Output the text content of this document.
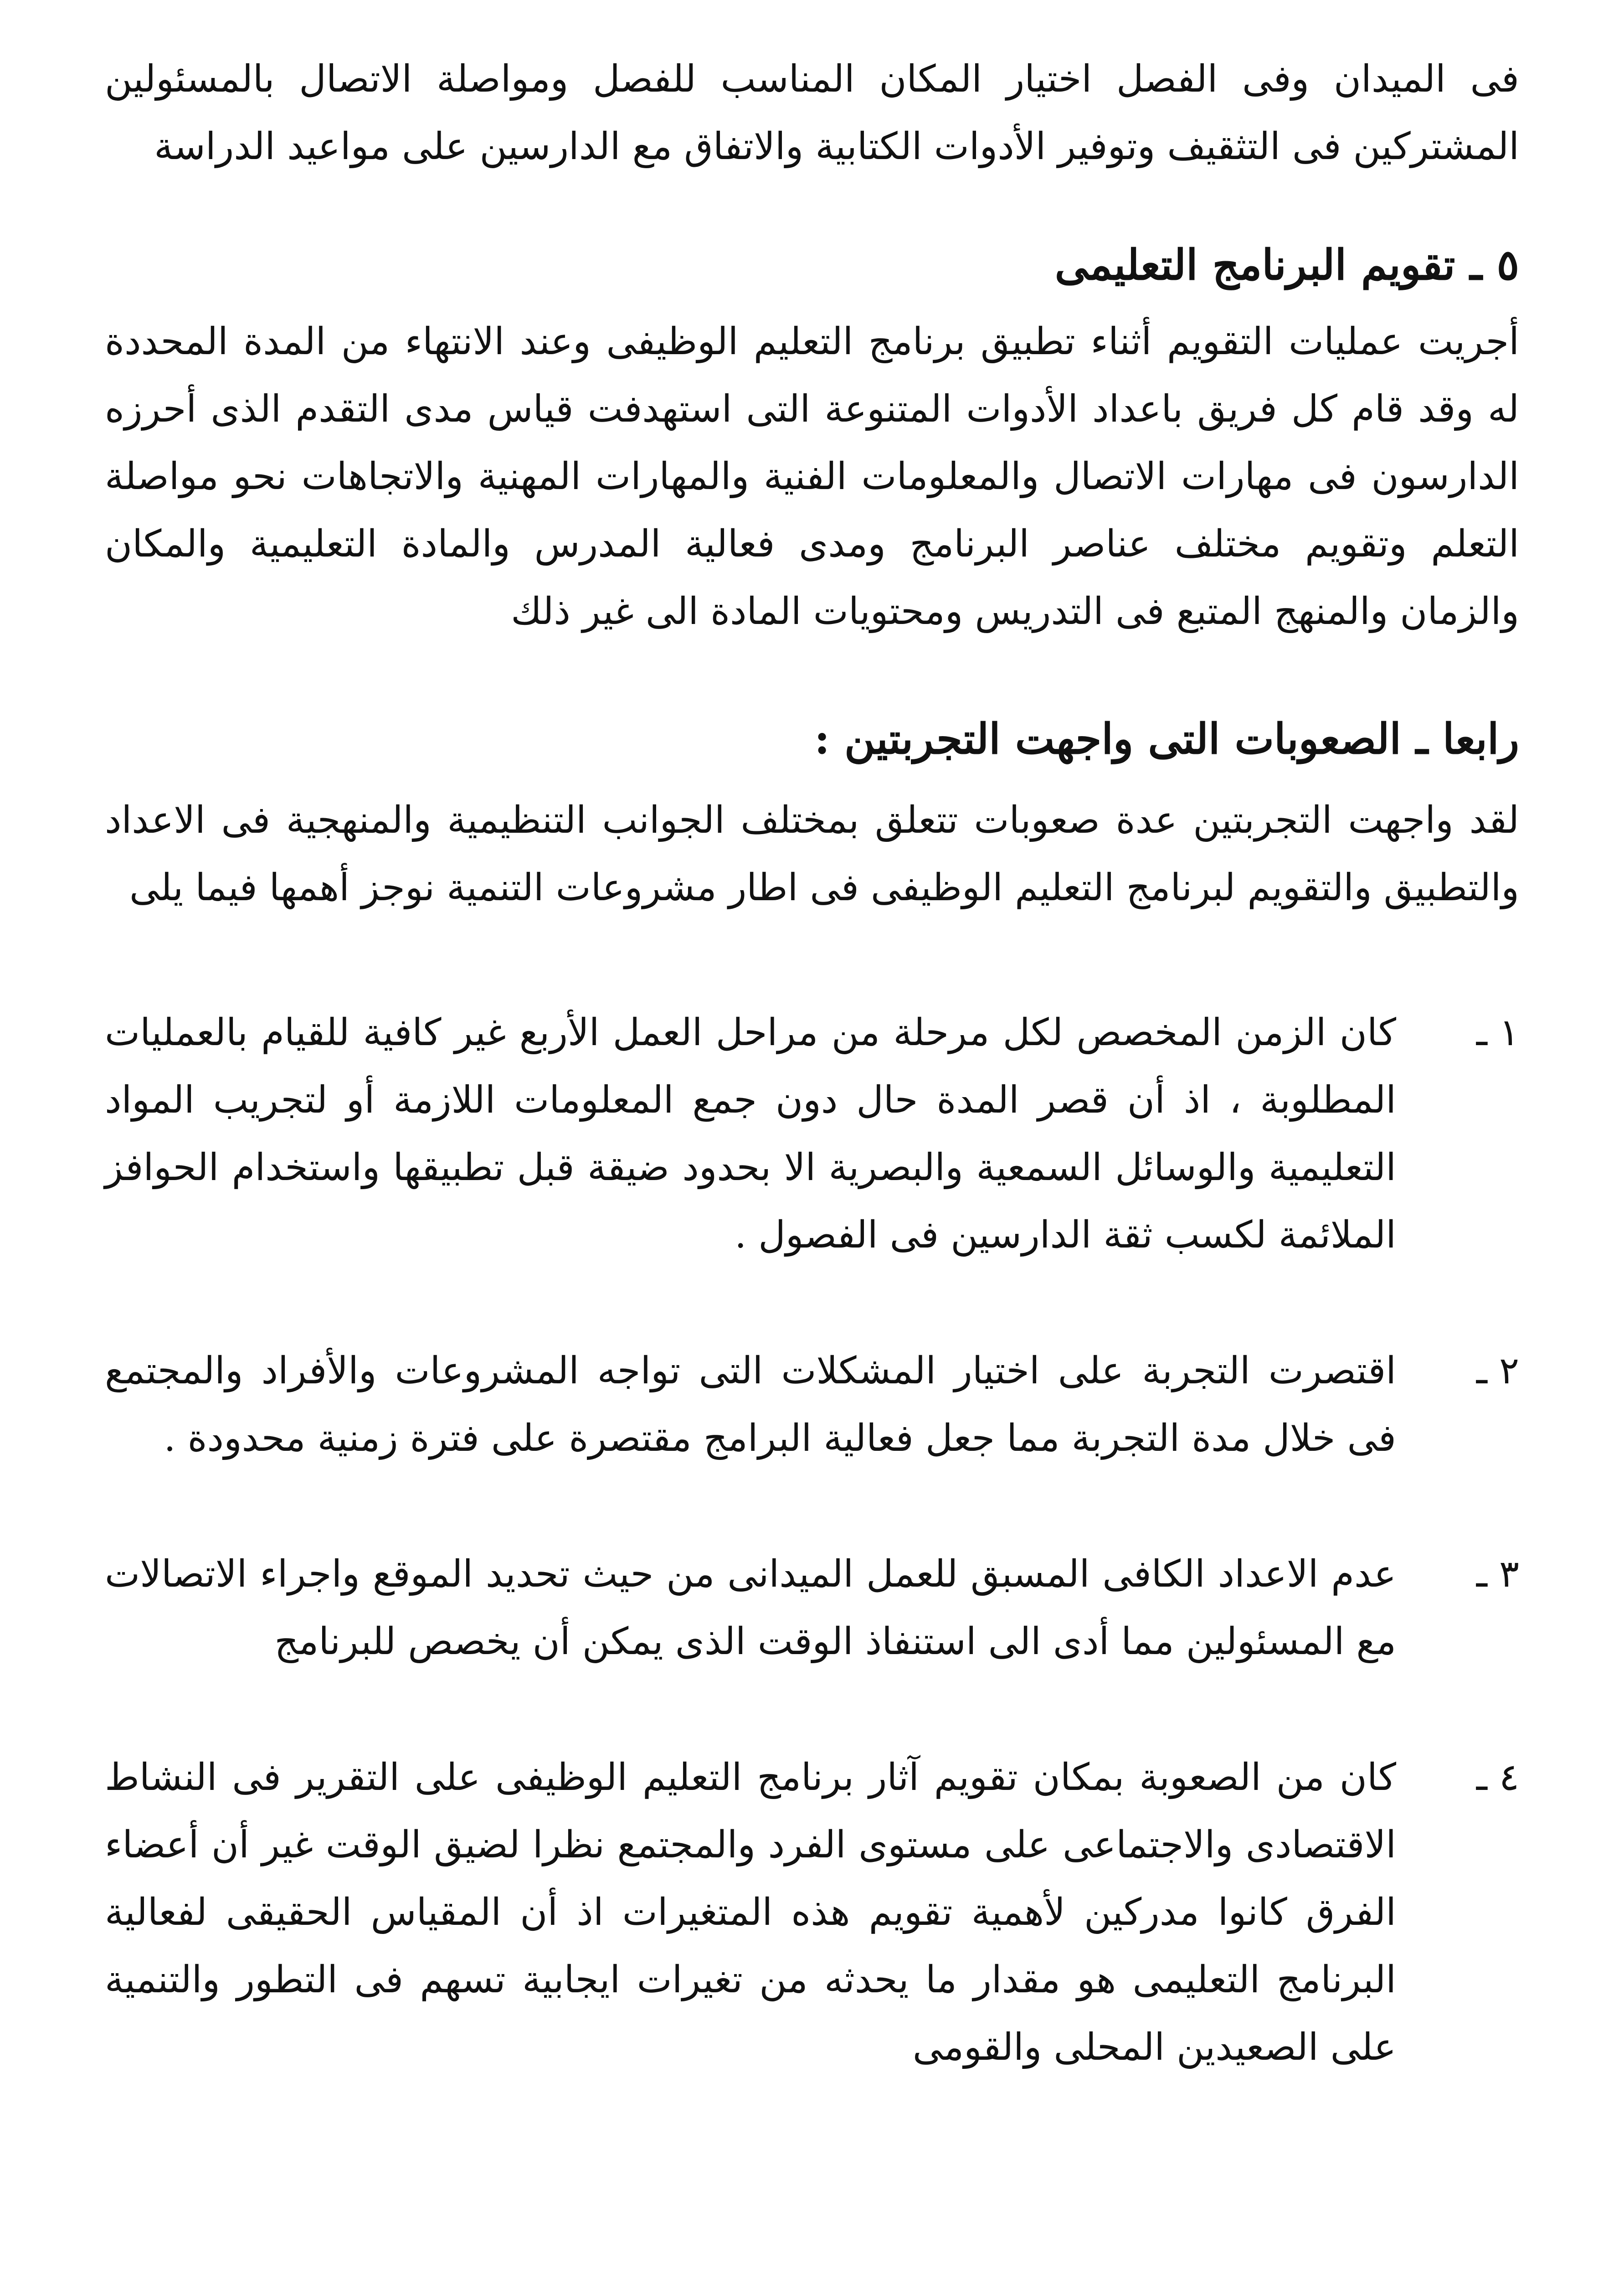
فى الميدان وفى الفصل اختيار المكان المناسب للفصل ومواصلة الاتصال بالمسئولين المشتركين فى التثقيف وتوفير الأدوات الكتابية والاتفاق مع الدارسين على مواعيد الدراسة

٥ ـ تقويم البرنامج التعليمى

أجريت عمليات التقويم أثناء تطبيق برنامج التعليم الوظيفى وعند الانتهاء من المدة المحددة له وقد قام كل فريق باعداد الأدوات المتنوعة التى استهدفت قياس مدى التقدم الذى أحرزه الدارسون فى مهارات الاتصال والمعلومات الفنية والمهارات المهنية والاتجاهات نحو مواصلة التعلم وتقويم مختلف عناصر البرنامج ومدى فعالية المدرس والمادة التعليمية والمكان والزمان والمنهج المتبع فى التدريس ومحتويات المادة الى غير ذلك

رابعا ـ الصعوبات التى واجهت التجربتين :

لقد واجهت التجربتين عدة صعوبات تتعلق بمختلف الجوانب التنظيمية والمنهجية فى الاعداد والتطبيق والتقويم لبرنامج التعليم الوظيفى فى اطار مشروعات التنمية نوجز أهمها فيما يلى

١ ـ

كان الزمن المخصص لكل مرحلة من مراحل العمل الأربع غير كافية للقيام بالعمليات المطلوبة ، اذ أن قصر المدة حال دون جمع المعلومات اللازمة أو لتجريب المواد التعليمية والوسائل السمعية والبصرية الا بحدود ضيقة قبل تطبيقها واستخدام الحوافز الملائمة لكسب ثقة الدارسين فى الفصول .

٢ ـ

اقتصرت التجربة على اختيار المشكلات التى تواجه المشروعات والأفراد والمجتمع فى خلال مدة التجربة مما جعل فعالية البرامج مقتصرة على فترة زمنية محدودة .

٣ ـ

عدم الاعداد الكافى المسبق للعمل الميدانى من حيث تحديد الموقع واجراء الاتصالات مع المسئولين مما أدى الى استنفاذ الوقت الذى يمكن أن يخصص للبرنامج

٤ ـ

كان من الصعوبة بمكان تقويم آثار برنامج التعليم الوظيفى على التقرير فى النشاط الاقتصادى والاجتماعى على مستوى الفرد والمجتمع نظرا لضيق الوقت غير أن أعضاء الفرق كانوا مدركين لأهمية تقويم هذه المتغيرات اذ أن المقياس الحقيقى لفعالية البرنامج التعليمى هو مقدار ما يحدثه من تغيرات ايجابية تسهم فى التطور والتنمية على الصعيدين المحلى والقومى
